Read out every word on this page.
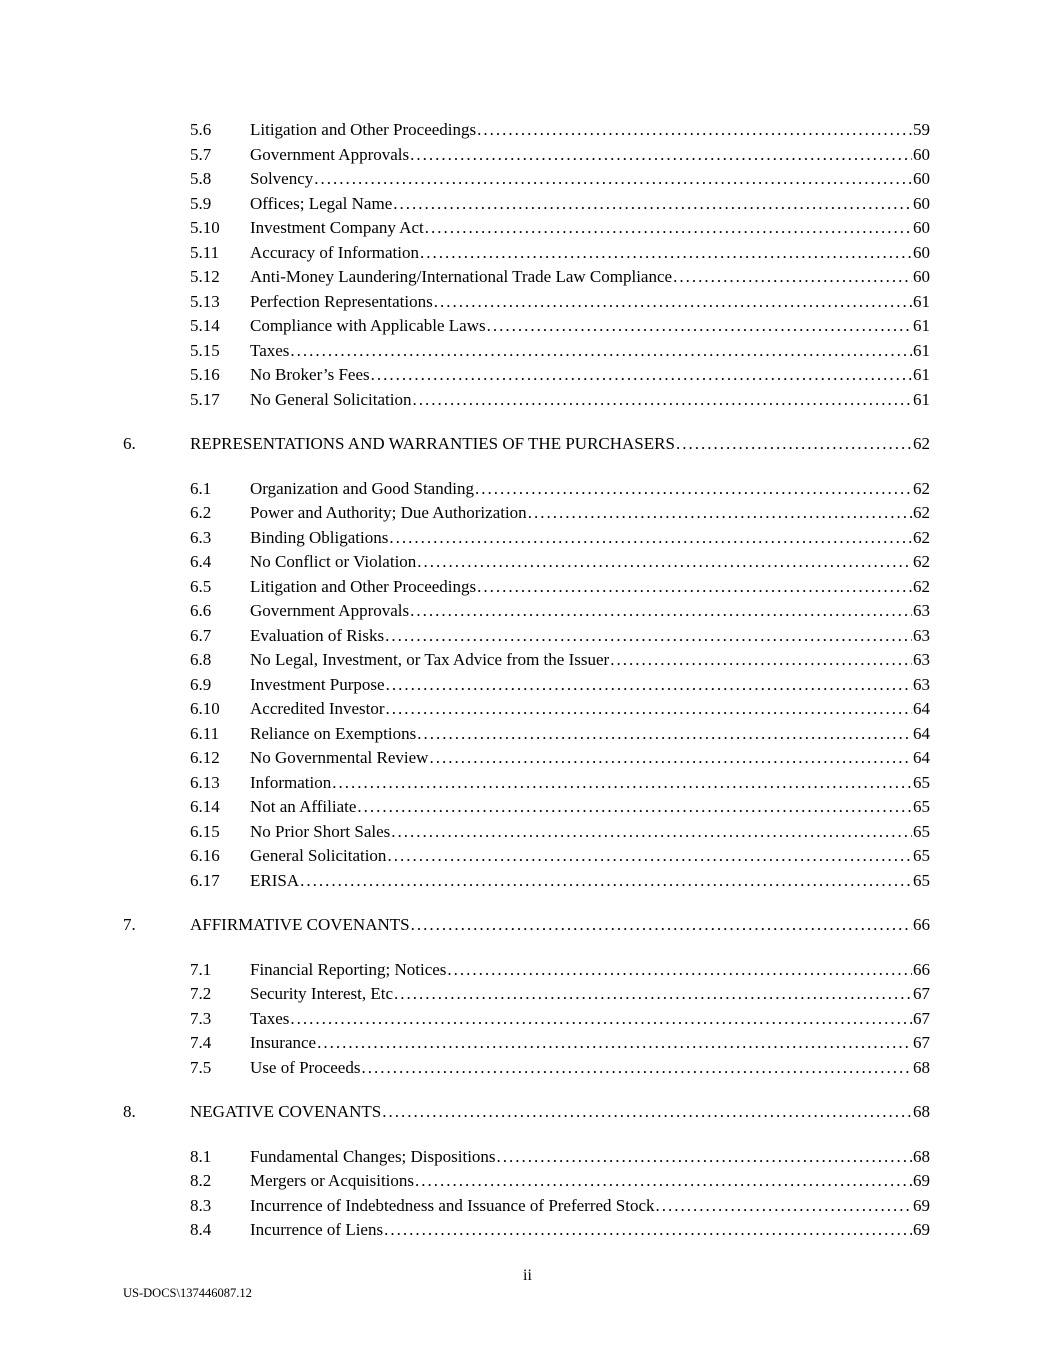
5.6	Litigation and Other Proceedings .....	59
5.7	Government Approvals .....	60
5.8	Solvency .....	60
5.9	Offices; Legal Name .....	60
5.10	Investment Company Act .....	60
5.11	Accuracy of Information .....	60
5.12	Anti-Money Laundering/International Trade Law Compliance .....	60
5.13	Perfection Representations .....	61
5.14	Compliance with Applicable Laws .....	61
5.15	Taxes .....	61
5.16	No Broker’s Fees .....	61
5.17	No General Solicitation .....	61
6.	REPRESENTATIONS AND WARRANTIES OF THE PURCHASERS .....	62
6.1	Organization and Good Standing .....	62
6.2	Power and Authority; Due Authorization .....	62
6.3	Binding Obligations .....	62
6.4	No Conflict or Violation .....	62
6.5	Litigation and Other Proceedings .....	62
6.6	Government Approvals .....	63
6.7	Evaluation of Risks .....	63
6.8	No Legal, Investment, or Tax Advice from the Issuer .....	63
6.9	Investment Purpose .....	63
6.10	Accredited Investor .....	64
6.11	Reliance on Exemptions .....	64
6.12	No Governmental Review .....	64
6.13	Information .....	65
6.14	Not an Affiliate .....	65
6.15	No Prior Short Sales .....	65
6.16	General Solicitation .....	65
6.17	ERISA .....	65
7.	AFFIRMATIVE COVENANTS .....	66
7.1	Financial Reporting; Notices .....	66
7.2	Security Interest, Etc .....	67
7.3	Taxes .....	67
7.4	Insurance .....	67
7.5	Use of Proceeds .....	68
8.	NEGATIVE COVENANTS .....	68
8.1	Fundamental Changes; Dispositions .....	68
8.2	Mergers or Acquisitions .....	69
8.3	Incurrence of Indebtedness and Issuance of Preferred Stock .....	69
8.4	Incurrence of Liens .....	69
ii
US-DOCS\137446087.12
